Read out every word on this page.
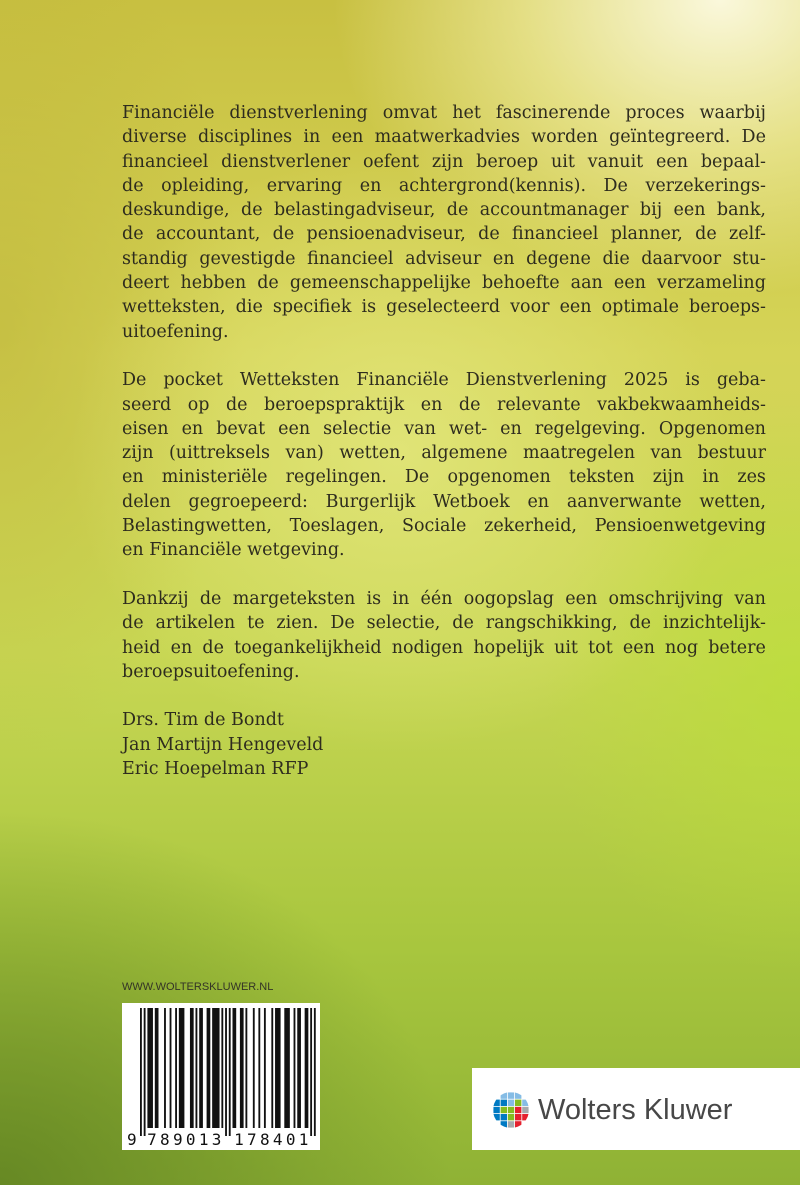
Financiële dienstverlening omvat het fascinerende proces waarbij
diverse disciplines in een maatwerkadvies worden geïntegreerd. De
financieel dienstverlener oefent zijn beroep uit vanuit een bepaal-
de opleiding, ervaring en achtergrond(kennis). De verzekerings-
deskundige, de belastingadviseur, de accountmanager bij een bank,
de accountant, de pensioenadviseur, de financieel planner, de zelf-
standig gevestigde financieel adviseur en degene die daarvoor stu-
deert hebben de gemeenschappelijke behoefte aan een verzameling
wetteksten, die specifiek is geselecteerd voor een optimale beroeps-
uitoefening.
De pocket Wetteksten Financiële Dienstverlening 2025 is geba-
seerd op de beroepspraktijk en de relevante vakbekwaamheids-
eisen en bevat een selectie van wet- en regelgeving. Opgenomen
zijn (uittreksels van) wetten, algemene maatregelen van bestuur
en ministeriële regelingen. De opgenomen teksten zijn in zes
delen gegroepeerd: Burgerlijk Wetboek en aanverwante wetten,
Belastingwetten, Toeslagen, Sociale zekerheid, Pensioenwetgeving
en Financiële wetgeving.
Dankzij de margeteksten is in één oogopslag een omschrijving van
de artikelen te zien. De selectie, de rangschikking, de inzichtelijk-
heid en de toegankelijkheid nodigen hopelijk uit tot een nog betere
beroepsuitoefening.
Drs. Tim de Bondt
Jan Martijn Hengeveld
Eric Hoepelman RFP
WWW.WOLTERSKLUWER.NL
9 789013 178401
Wolters Kluwer
